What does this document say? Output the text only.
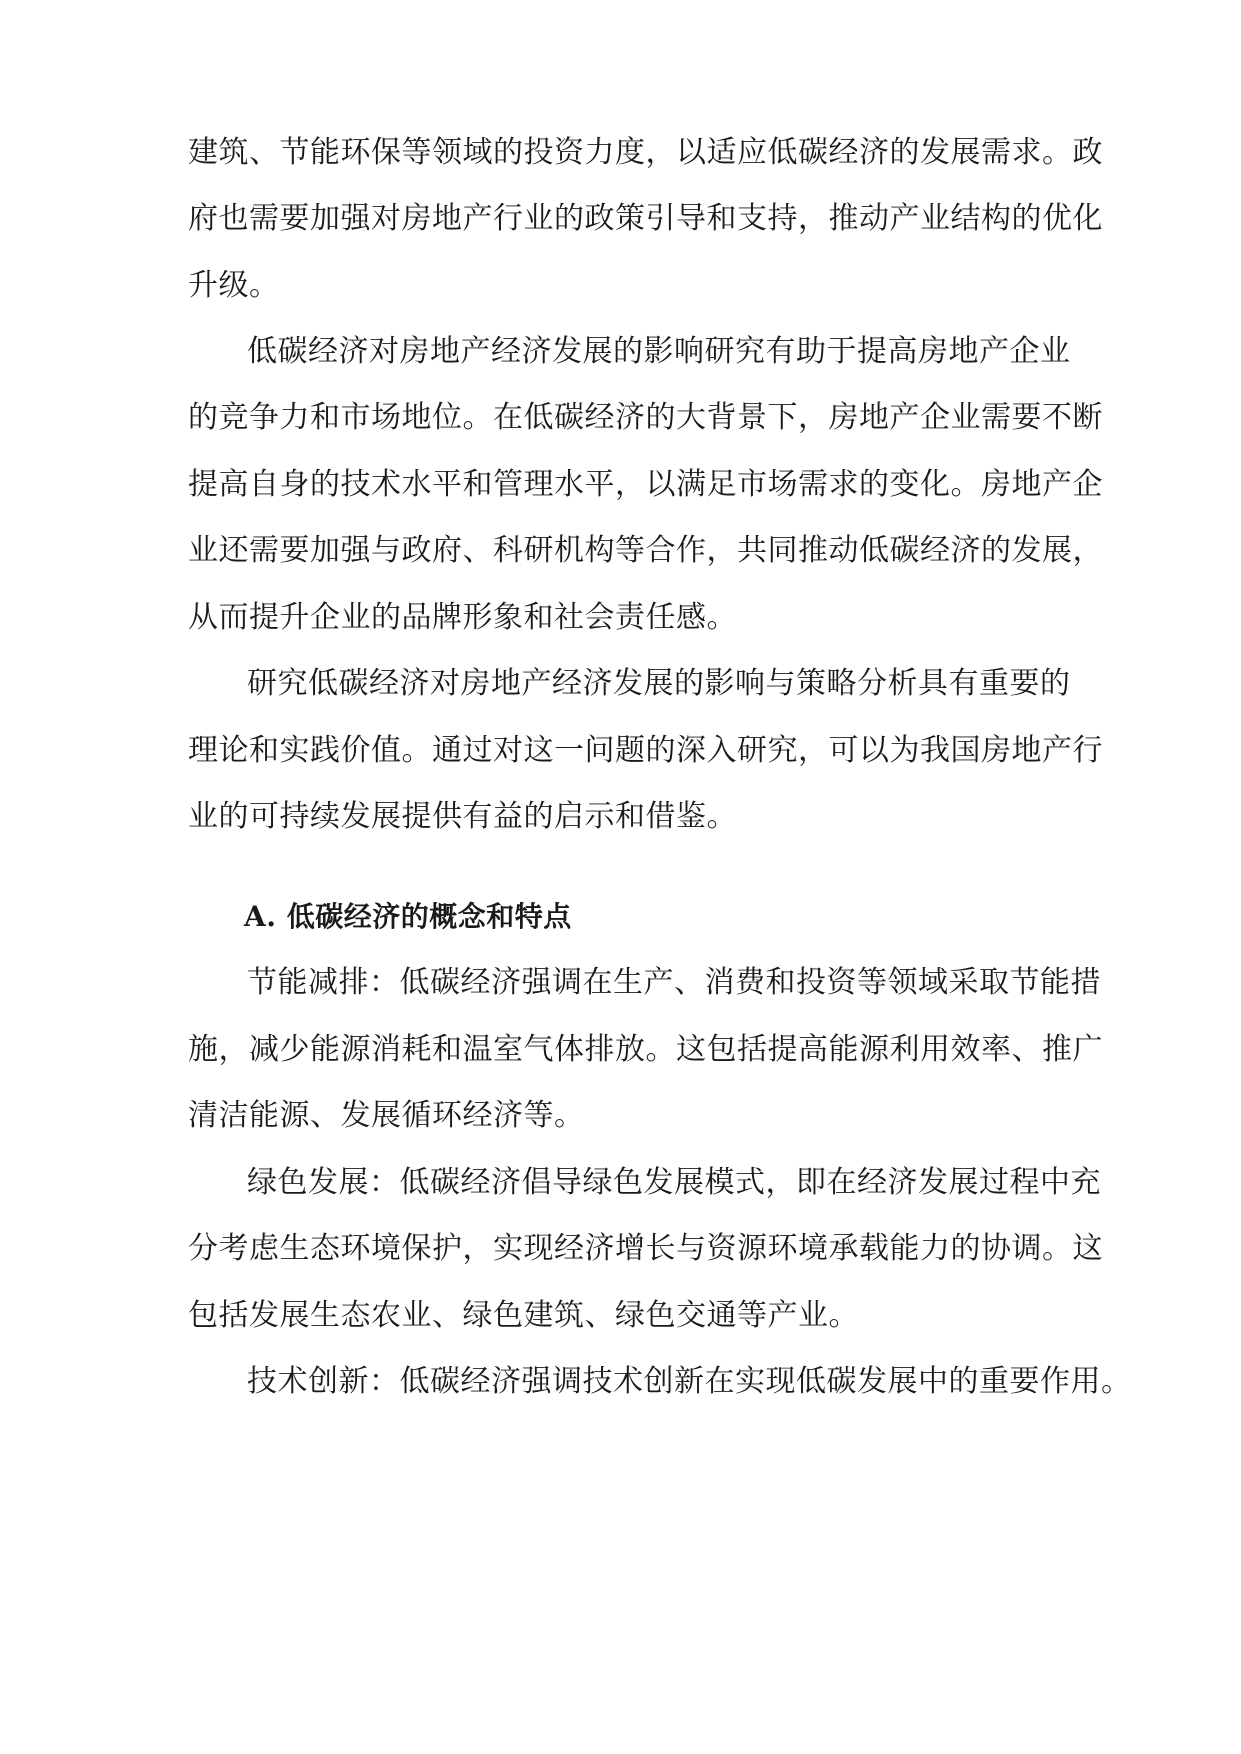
建筑、节能环保等领域的投资力度，以适应低碳经济的发展需求。政
府也需要加强对房地产行业的政策引导和支持，推动产业结构的优化
升级。
低碳经济对房地产经济发展的影响研究有助于提高房地产企业
的竞争力和市场地位。在低碳经济的大背景下，房地产企业需要不断
提高自身的技术水平和管理水平，以满足市场需求的变化。房地产企
业还需要加强与政府、科研机构等合作，共同推动低碳经济的发展，
从而提升企业的品牌形象和社会责任感。
研究低碳经济对房地产经济发展的影响与策略分析具有重要的
理论和实践价值。通过对这一问题的深入研究，可以为我国房地产行
业的可持续发展提供有益的启示和借鉴。
A. 低碳经济的概念和特点
节能减排：低碳经济强调在生产、消费和投资等领域采取节能措
施，减少能源消耗和温室气体排放。这包括提高能源利用效率、推广
清洁能源、发展循环经济等。
绿色发展：低碳经济倡导绿色发展模式，即在经济发展过程中充
分考虑生态环境保护，实现经济增长与资源环境承载能力的协调。这
包括发展生态农业、绿色建筑、绿色交通等产业。
技术创新：低碳经济强调技术创新在实现低碳发展中的重要作用。
